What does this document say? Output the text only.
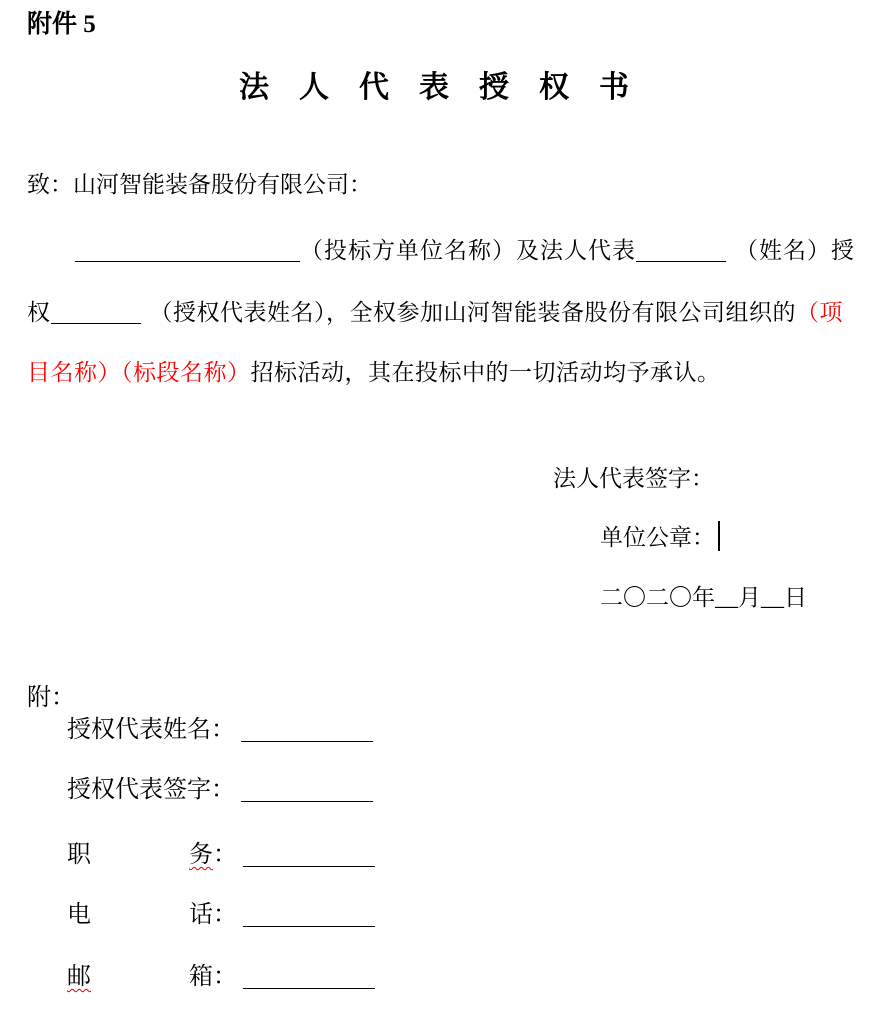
附件 5
法人代表授权书
致：山河智能装备股份有限公司：
（投标方单位名称）及法人代表	（姓名）授
权	（授权代表姓名），全权参加山河智能装备股份有限公司组织的（项
目名称）（标段名称）招标活动，其在投标中的一切活动均予承认。
法人代表签字：
单位公章：
二〇二〇年__月__日
附：
授权代表姓名：
授权代表签字：
职	务 ：
电	话 ：
邮	箱 ：
